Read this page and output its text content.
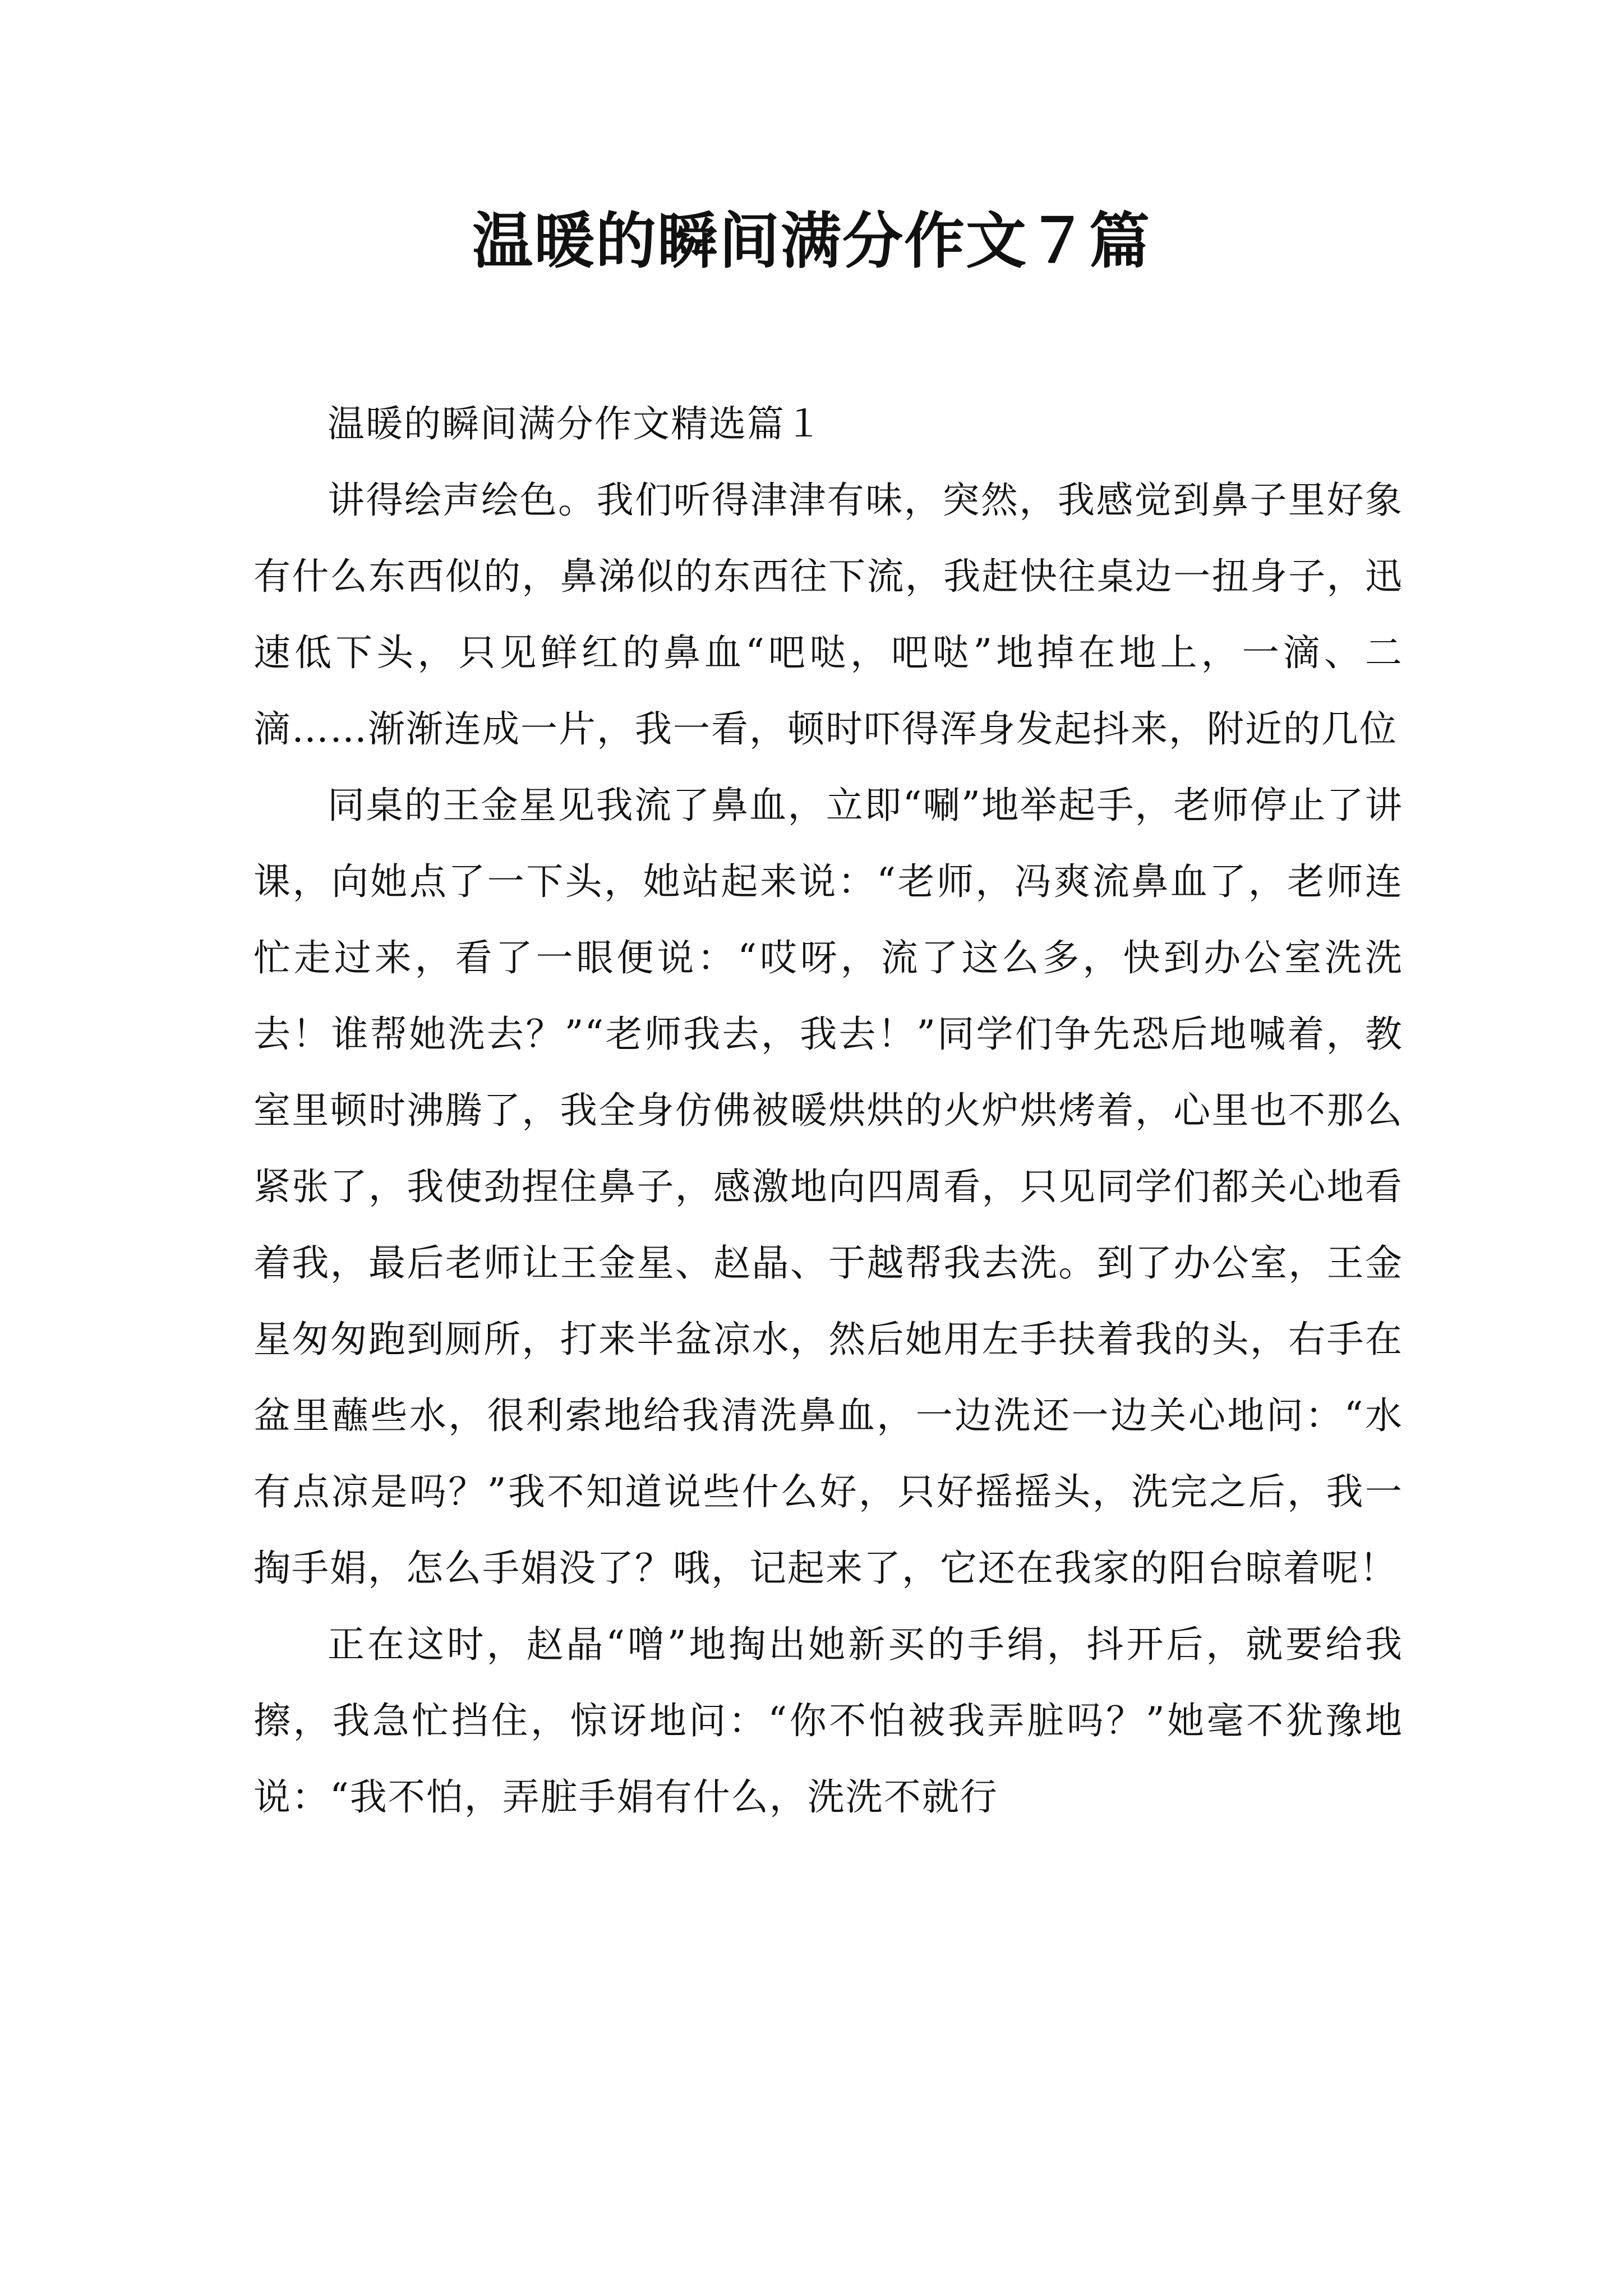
温暖的瞬间满分作文７篇

温暖的瞬间满分作文精选篇１

讲得绘声绘色。我们听得津津有味，突然，我感觉到鼻子里好象有什么东西似的，鼻涕似的东西往下流，我赶快往桌边一扭身子，迅速低下头，只见鲜红的鼻血“吧哒，吧哒”地掉在地上，一滴、二滴……渐渐连成一片，我一看，顿时吓得浑身发起抖来，附近的几位

同桌的王金星见我流了鼻血，立即“唰”地举起手，老师停止了讲课，向她点了一下头，她站起来说：“老师，冯爽流鼻血了，老师连忙走过来，看了一眼便说：“哎呀，流了这么多，快到办公室洗洗去！谁帮她洗去？”“老师我去，我去！”同学们争先恐后地喊着，教室里顿时沸腾了，我全身仿佛被暖烘烘的火炉烘烤着，心里也不那么紧张了，我使劲捏住鼻子，感激地向四周看，只见同学们都关心地看着我，最后老师让王金星、赵晶、于越帮我去洗。到了办公室，王金星匆匆跑到厕所，打来半盆凉水，然后她用左手扶着我的头，右手在盆里蘸些水，很利索地给我清洗鼻血，一边洗还一边关心地问：“水有点凉是吗？”我不知道说些什么好，只好摇摇头，洗完之后，我一掏手娟，怎么手娟没了？哦，记起来了，它还在我家的阳台晾着呢！

正在这时，赵晶“噌”地掏出她新买的手绢，抖开后，就要给我擦，我急忙挡住，惊讶地问：“你不怕被我弄脏吗？”她毫不犹豫地说：“我不怕，弄脏手娟有什么，洗洗不就行
